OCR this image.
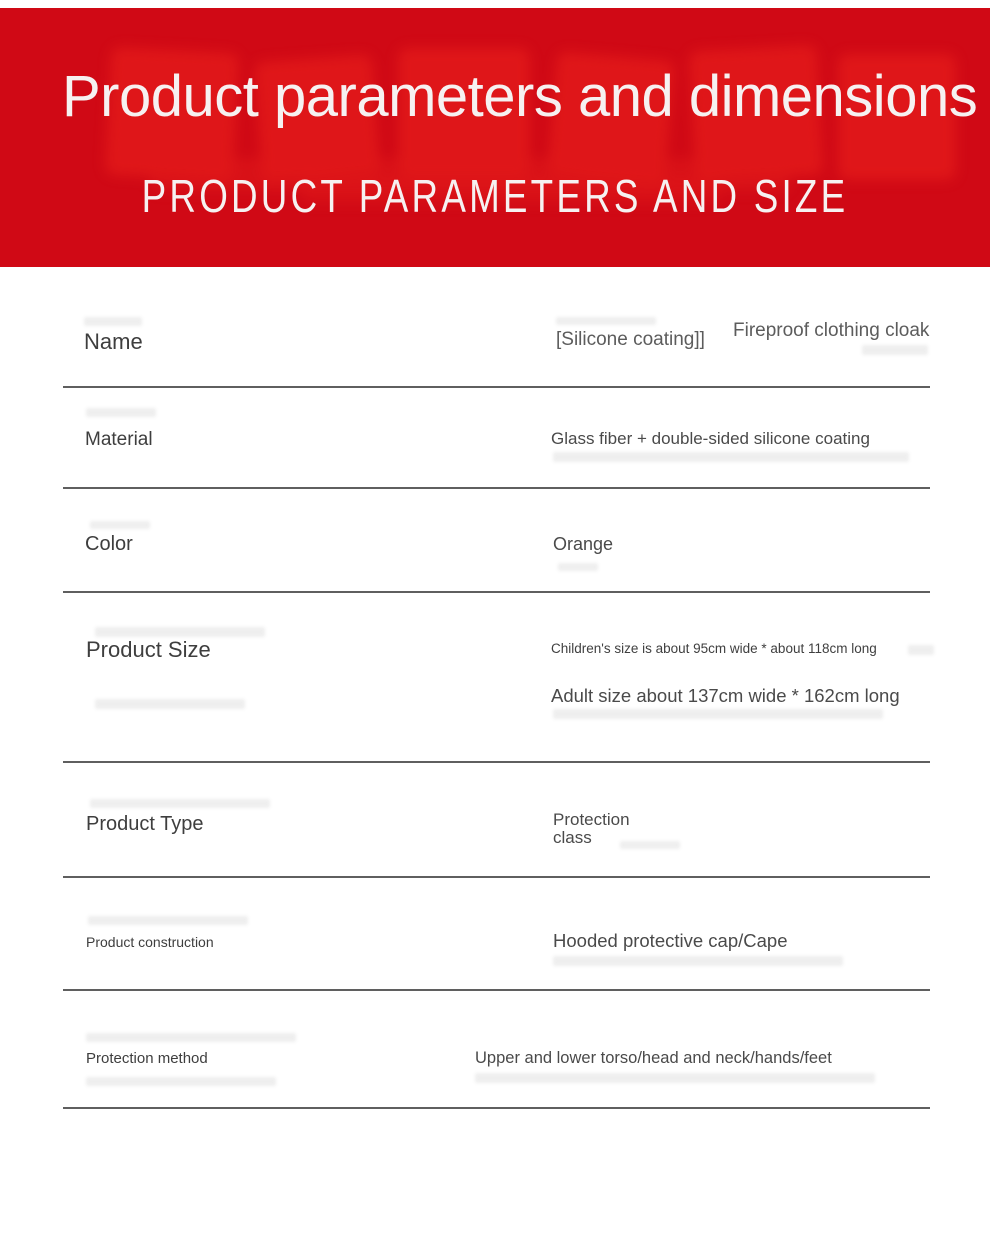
Product parameters and dimensions
PRODUCT PARAMETERS AND SIZE
Name	[Silicone coating]] Fireproof clothing cloak
Material	Glass fiber + double-sided silicone coating
Color	Orange
Product Size	Children's size is about 95cm wide * about 118cm long
Adult size about 137cm wide * 162cm long
Product Type	Protection class
Product construction	Hooded protective cap/Cape
Protection method	Upper and lower torso/head and neck/hands/feet
